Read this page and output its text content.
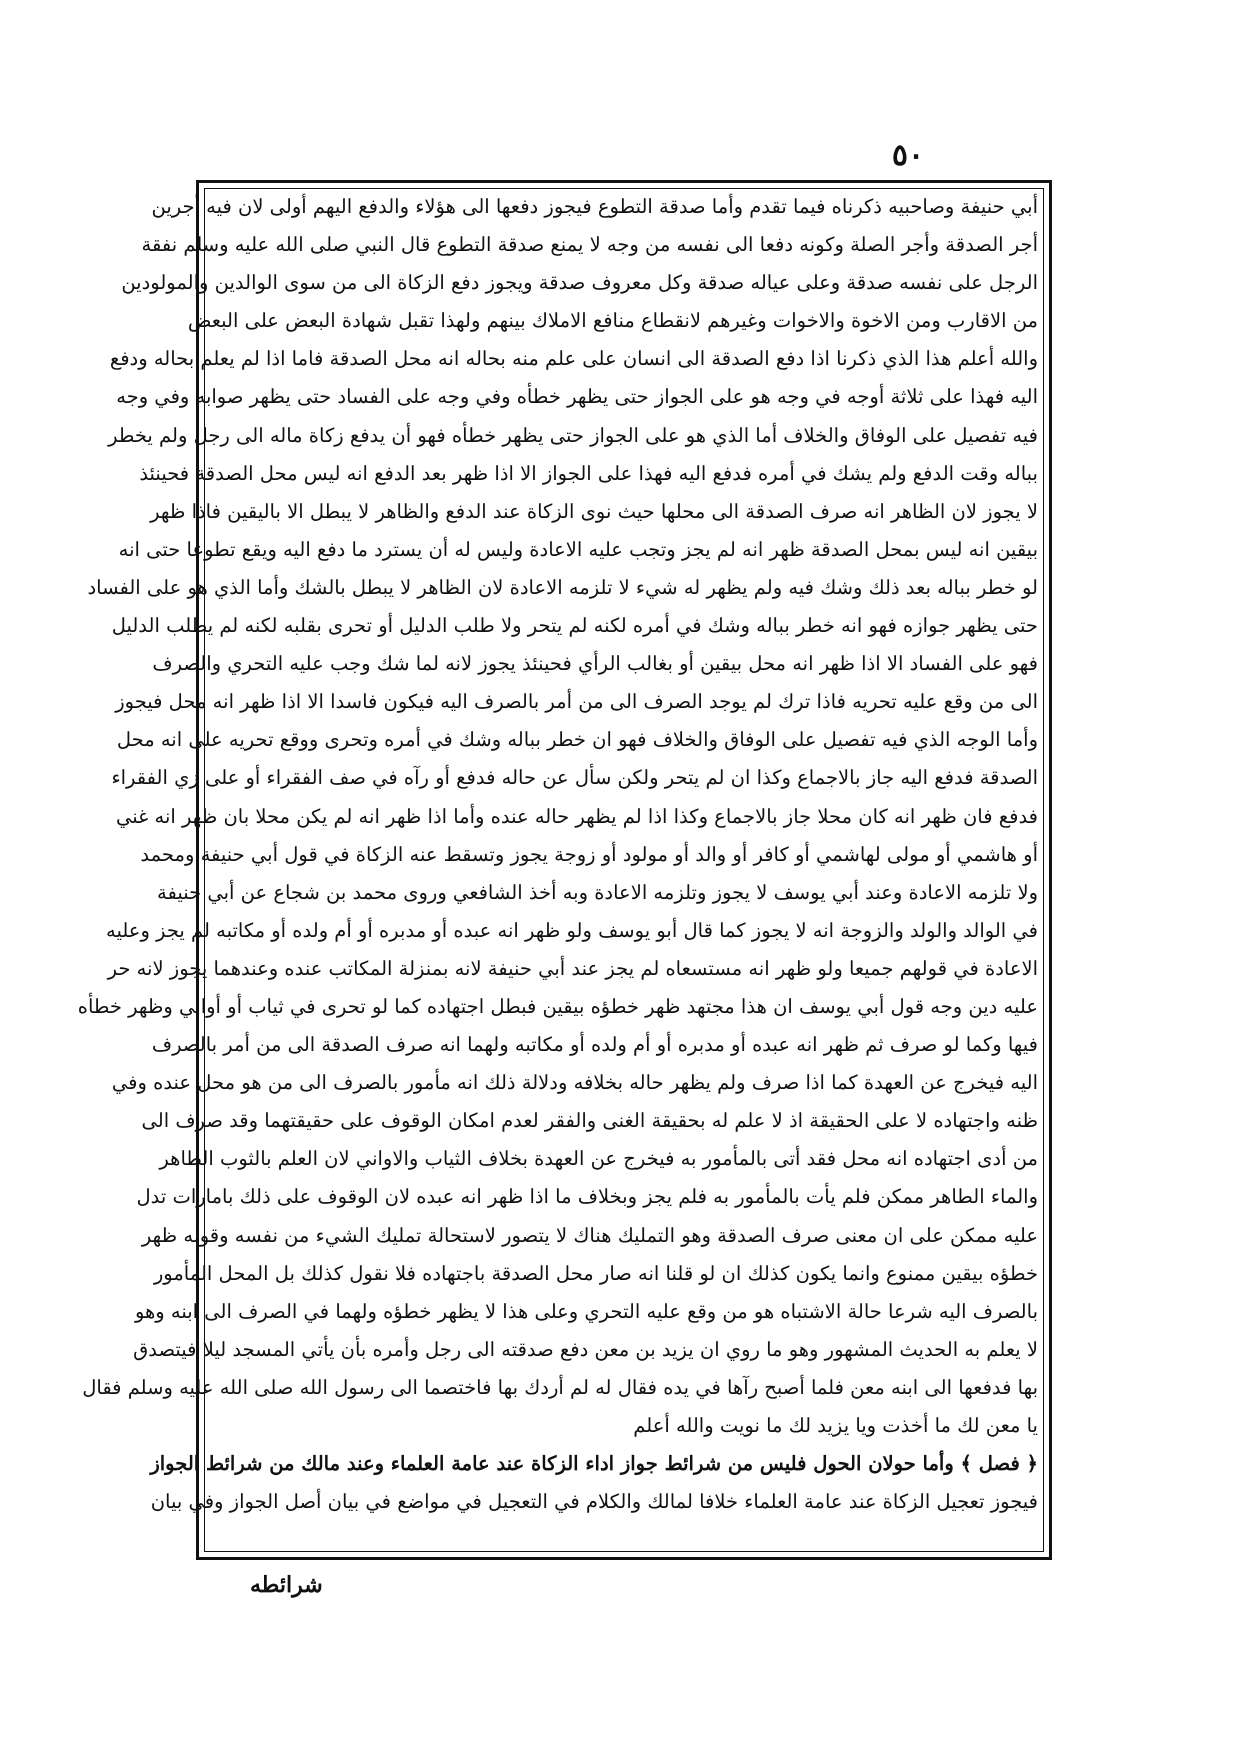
٥٠
أبي حنيفة وصاحبيه ذكرناه فيما تقدم وأما صدقة التطوع فيجوز دفعها الى هؤلاء والدفع اليهم أولى لان فيه أجرين
أجر الصدقة وأجر الصلة وكونه دفعا الى نفسه من وجه لا يمنع صدقة التطوع قال النبي صلى الله عليه وسلم نفقة
الرجل على نفسه صدقة وعلى عياله صدقة وكل معروف صدقة ويجوز دفع الزكاة الى من سوى الوالدين والمولودين
من الاقارب ومن الاخوة والاخوات وغيرهم لانقطاع منافع الاملاك بينهم ولهذا تقبل شهادة البعض على البعض
والله أعلم هذا الذي ذكرنا اذا دفع الصدقة الى انسان على علم منه بحاله انه محل الصدقة فاما اذا لم يعلم بحاله ودفع
اليه فهذا على ثلاثة أوجه في وجه هو على الجواز حتى يظهر خطأه وفي وجه على الفساد حتى يظهر صوابه وفي وجه
فيه تفصيل على الوفاق والخلاف أما الذي هو على الجواز حتى يظهر خطأه فهو أن يدفع زكاة ماله الى رجل ولم يخطر
بباله وقت الدفع ولم يشك في أمره فدفع اليه فهذا على الجواز الا اذا ظهر بعد الدفع انه ليس محل الصدقة فحينئذ
لا يجوز لان الظاهر انه صرف الصدقة الى محلها حيث نوى الزكاة عند الدفع والظاهر لا يبطل الا باليقين فاذا ظهر
بيقين انه ليس بمحل الصدقة ظهر انه لم يجز وتجب عليه الاعادة وليس له أن يسترد ما دفع اليه ويقع تطوعا حتى انه
لو خطر بباله بعد ذلك وشك فيه ولم يظهر له شيء لا تلزمه الاعادة لان الظاهر لا يبطل بالشك وأما الذي هو على الفساد
حتى يظهر جوازه فهو انه خطر بباله وشك في أمره لكنه لم يتحر ولا طلب الدليل أو تحرى بقلبه لكنه لم يطلب الدليل
فهو على الفساد الا اذا ظهر انه محل بيقين أو بغالب الرأي فحينئذ يجوز لانه لما شك وجب عليه التحري والصرف
الى من وقع عليه تحريه فاذا ترك لم يوجد الصرف الى من أمر بالصرف اليه فيكون فاسدا الا اذا ظهر انه محل فيجوز
وأما الوجه الذي فيه تفصيل على الوفاق والخلاف فهو ان خطر بباله وشك في أمره وتحرى ووقع تحريه على انه محل
الصدقة فدفع اليه جاز بالاجماع وكذا ان لم يتحر ولكن سأل عن حاله فدفع أو رآه في صف الفقراء أو على زي الفقراء
فدفع فان ظهر انه كان محلا جاز بالاجماع وكذا اذا لم يظهر حاله عنده وأما اذا ظهر انه لم يكن محلا بان ظهر انه غني
أو هاشمي أو مولى لهاشمي أو كافر أو والد أو مولود أو زوجة يجوز وتسقط عنه الزكاة في قول أبي حنيفة ومحمد
ولا تلزمه الاعادة وعند أبي يوسف لا يجوز وتلزمه الاعادة وبه أخذ الشافعي وروى محمد بن شجاع عن أبي حنيفة
في الوالد والولد والزوجة انه لا يجوز كما قال أبو يوسف ولو ظهر انه عبده أو مدبره أو أم ولده أو مكاتبه لم يجز وعليه
الاعادة في قولهم جميعا ولو ظهر انه مستسعاه لم يجز عند أبي حنيفة لانه بمنزلة المكاتب عنده وعندهما يجوز لانه حر
عليه دين وجه قول أبي يوسف ان هذا مجتهد ظهر خطؤه بيقين فبطل اجتهاده كما لو تحرى في ثياب أو أواني وظهر خطأه
فيها وكما لو صرف ثم ظهر انه عبده أو مدبره أو أم ولده أو مكاتبه ولهما انه صرف الصدقة الى من أمر بالصرف
اليه فيخرج عن العهدة كما اذا صرف ولم يظهر حاله بخلافه ودلالة ذلك انه مأمور بالصرف الى من هو محل عنده وفي
ظنه واجتهاده لا على الحقيقة اذ لا علم له بحقيقة الغنى والفقر لعدم امكان الوقوف على حقيقتهما وقد صرف الى
من أدى اجتهاده انه محل فقد أتى بالمأمور به فيخرج عن العهدة بخلاف الثياب والاواني لان العلم بالثوب الطاهر
والماء الطاهر ممكن فلم يأت بالمأمور به فلم يجز وبخلاف ما اذا ظهر انه عبده لان الوقوف على ذلك بامارات تدل
عليه ممكن على ان معنى صرف الصدقة وهو التمليك هناك لا يتصور لاستحالة تمليك الشيء من نفسه وقوله ظهر
خطؤه بيقين ممنوع وانما يكون كذلك ان لو قلنا انه صار محل الصدقة باجتهاده فلا نقول كذلك بل المحل المأمور
بالصرف اليه شرعا حالة الاشتباه هو من وقع عليه التحري وعلى هذا لا يظهر خطؤه ولهما في الصرف الى ابنه وهو
لا يعلم به الحديث المشهور وهو ما روي ان يزيد بن معن دفع صدقته الى رجل وأمره بأن يأتي المسجد ليلا فيتصدق
بها فدفعها الى ابنه معن فلما أصبح رآها في يده فقال له لم أردك بها فاختصما الى رسول الله صلى الله عليه وسلم فقال
يا معن لك ما أخذت ويا يزيد لك ما نويت والله أعلم
﴿ فصل ﴾ وأما حولان الحول فليس من شرائط جواز اداء الزكاة عند عامة العلماء وعند مالك من شرائط الجواز
فيجوز تعجيل الزكاة عند عامة العلماء خلافا لمالك والكلام في التعجيل في مواضع في بيان أصل الجواز وفي بيان
شرائطه
